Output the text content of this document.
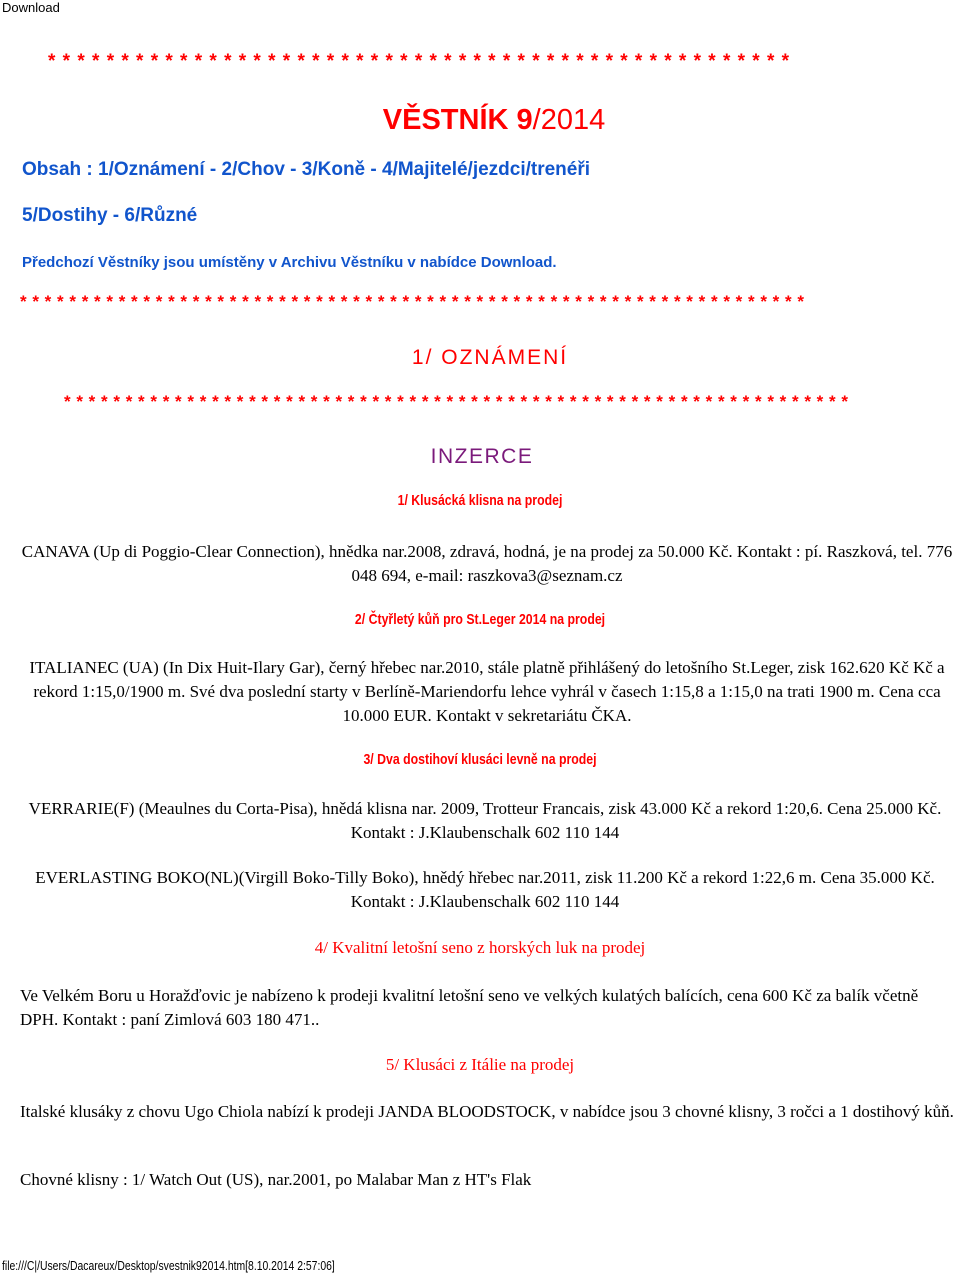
Download
* * * * * * * * * * * * * * * * * * * * * * * * * * * * * * * * * * * * * * * * * * * * * * * * * * *
VĚSTNÍK 9/2014
Obsah : 1/Oznámení - 2/Chov - 3/Koně - 4/Majitelé/jezdci/trenéři
5/Dostihy - 6/Různé
Předchozí Věstníky jsou umístěny v Archivu Věstníku v nabídce Download.
* * * * * * * * * * * * * * * * * * * * * * * * * * * * * * * * * * * * * * * * * * * * * * * * * * * * * * * * * * * * * * * *
1/ OZNÁMENÍ
* * * * * * * * * * * * * * * * * * * * * * * * * * * * * * * * * * * * * * * * * * * * * * * * * * * * * * * * * * * * * * * *
INZERCE
1/ Klusácká klisna na prodej
CANAVA (Up di Poggio-Clear Connection), hnědka nar.2008, zdravá, hodná, je na prodej za 50.000 Kč. Kontakt : pí. Raszková, tel. 776 048 694, e-mail: raszkova3@seznam.cz
2/ Čtyřletý kůň pro St.Leger 2014 na prodej
ITALIANEC (UA) (In Dix Huit-Ilary Gar), černý hřebec nar.2010, stále platně přihlášený do letošního St.Leger, zisk 162.620 Kč Kč a rekord 1:15,0/1900 m. Své dva poslední starty v Berlíně-Mariendorfu lehce vyhrál v časech 1:15,8 a 1:15,0 na trati 1900 m. Cena cca 10.000 EUR. Kontakt v sekretariátu ČKA.
3/ Dva dostihoví klusáci levně na prodej
VERRARIE(F) (Meaulnes du Corta-Pisa), hnědá klisna nar. 2009, Trotteur Francais, zisk 43.000 Kč a rekord 1:20,6. Cena 25.000 Kč. Kontakt : J.Klaubenschalk 602 110 144
EVERLASTING BOKO(NL)(Virgill Boko-Tilly Boko), hnědý hřebec nar.2011, zisk 11.200 Kč a rekord 1:22,6 m. Cena 35.000 Kč. Kontakt : J.Klaubenschalk 602 110 144
4/ Kvalitní letošní seno z horských luk na prodej
Ve Velkém Boru u Horažďovic je nabízeno k prodeji kvalitní letošní seno ve velkých kulatých balících, cena 600 Kč za balík včetně DPH. Kontakt : paní Zimlová 603 180 471..
5/ Klusáci z Itálie na prodej
Italské klusáky z chovu Ugo Chiola nabízí k prodeji JANDA BLOODSTOCK, v nabídce jsou 3 chovné klisny, 3 ročci a 1 dostihový kůň.
Chovné klisny : 1/ Watch Out (US), nar.2001, po Malabar Man z HT's Flak
file:///C|/Users/Dacareux/Desktop/svestnik92014.htm[8.10.2014 2:57:06]
